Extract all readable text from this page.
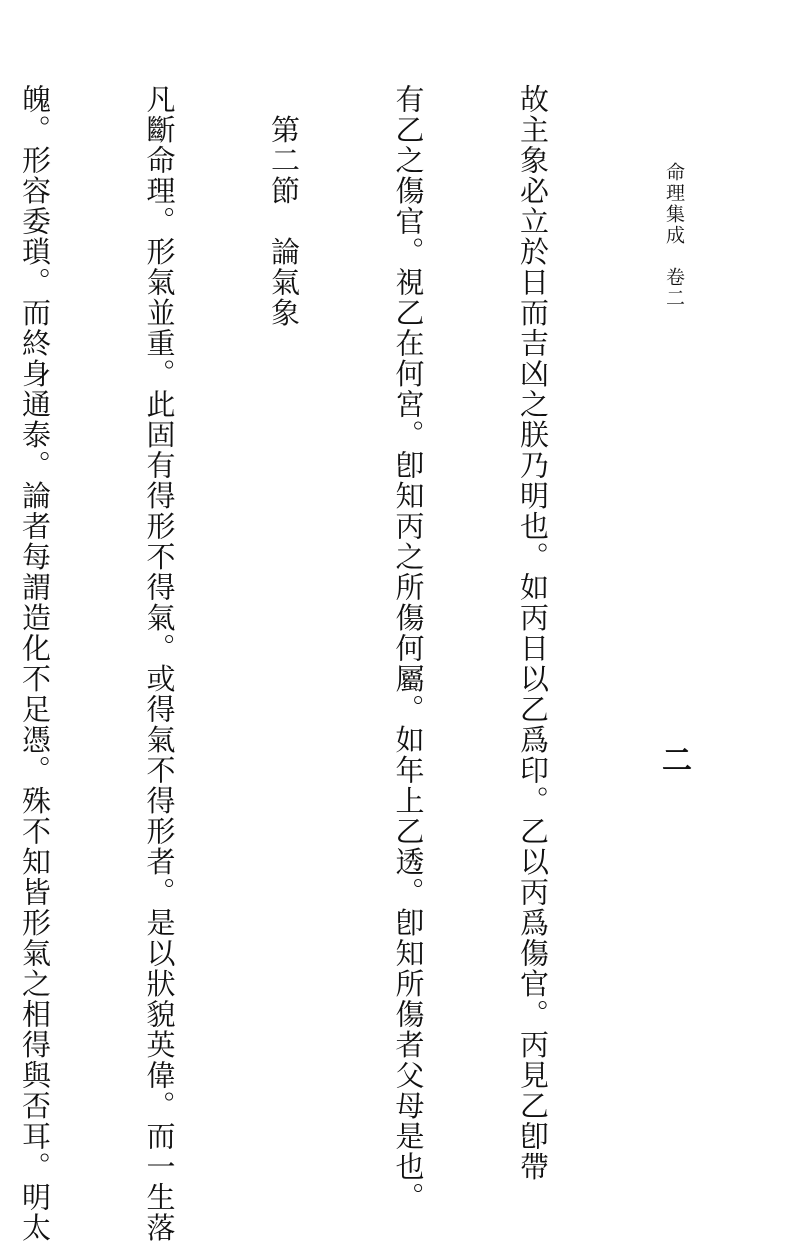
命理集成　卷二
二

故主象必立於日而吉凶之朕乃明也。如丙日以乙爲印。乙以丙爲傷官。丙見乙卽帶

有乙之傷官。視乙在何宮。卽知丙之所傷何屬。如年上乙透。卽知所傷者父母是也。

　第二節　論氣象

凡斷命理。形氣並重。此固有得形不得氣。或得氣不得形者。是以狀貌英偉。而一生落

魄。形容委瑣。而終身通泰。論者每謂造化不足憑。殊不知皆形氣之相得與否耳。明太
